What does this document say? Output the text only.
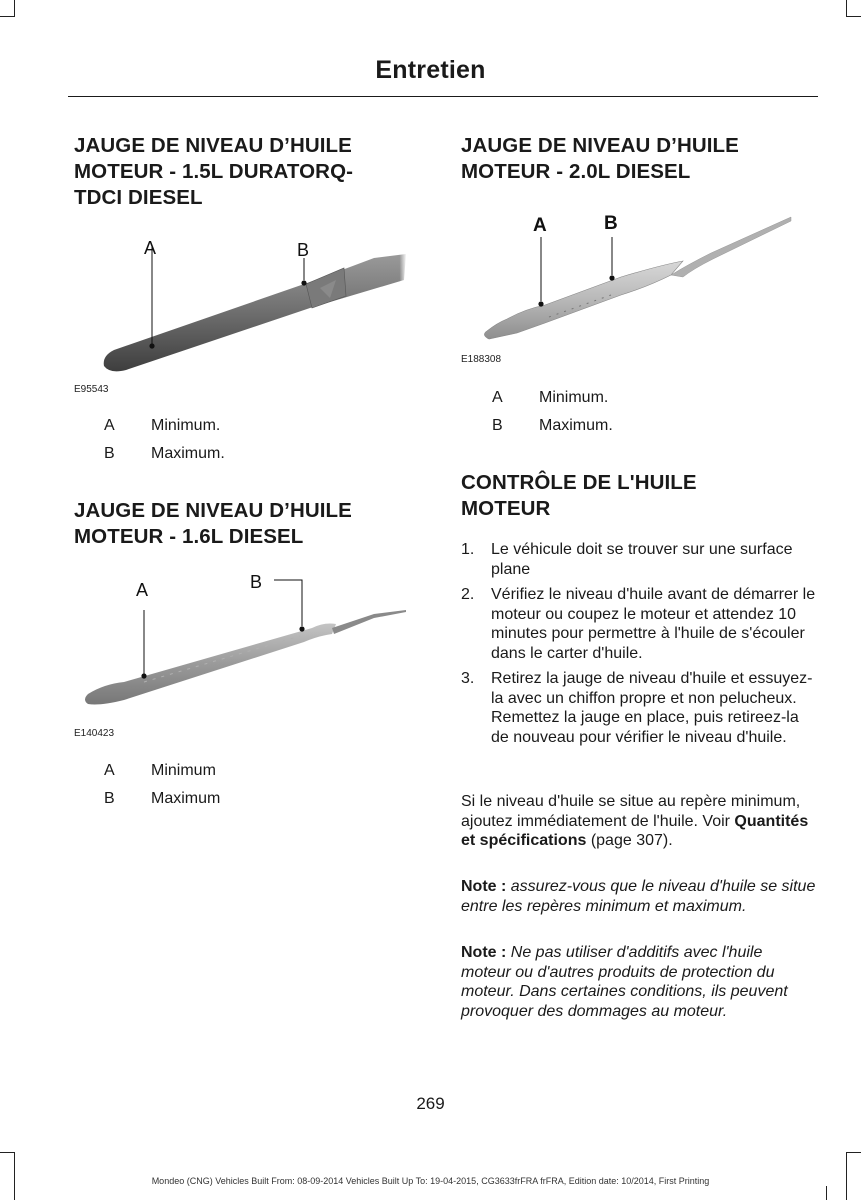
Entretien
JAUGE DE NIVEAU D’HUILE
MOTEUR - 1.5L DURATORQ-
TDCI DIESEL
A	B
E95543
A Minimum.
B Maximum.
JAUGE DE NIVEAU D’HUILE
MOTEUR - 1.6L DIESEL
A	B
E140423
A Minimum
B Maximum
JAUGE DE NIVEAU D’HUILE
MOTEUR - 2.0L DIESEL
A	B
E188308
A Minimum.
B Maximum.
CONTRÔLE DE L'HUILE
MOTEUR
1. Le véhicule doit se trouver sur une surface plane
2. Vérifiez le niveau d'huile avant de démarrer le moteur ou coupez le moteur et attendez 10 minutes pour permettre à l'huile de s'écouler dans le carter d'huile.
3. Retirez la jauge de niveau d'huile et essuyez-la avec un chiffon propre et non pelucheux. Remettez la jauge en place, puis retireez-la de nouveau pour vérifier le niveau d'huile.
Si le niveau d'huile se situe au repère minimum, ajoutez immédiatement de l'huile. Voir Quantités et spécifications (page 307).
Note : assurez-vous que le niveau d'huile se situe entre les repères minimum et maximum.
Note : Ne pas utiliser d'additifs avec l'huile moteur ou d'autres produits de protection du moteur. Dans certaines conditions, ils peuvent provoquer des dommages au moteur.
269
Mondeo (CNG) Vehicles Built From: 08-09-2014 Vehicles Built Up To: 19-04-2015, CG3633frFRA frFRA, Edition date: 10/2014, First Printing
